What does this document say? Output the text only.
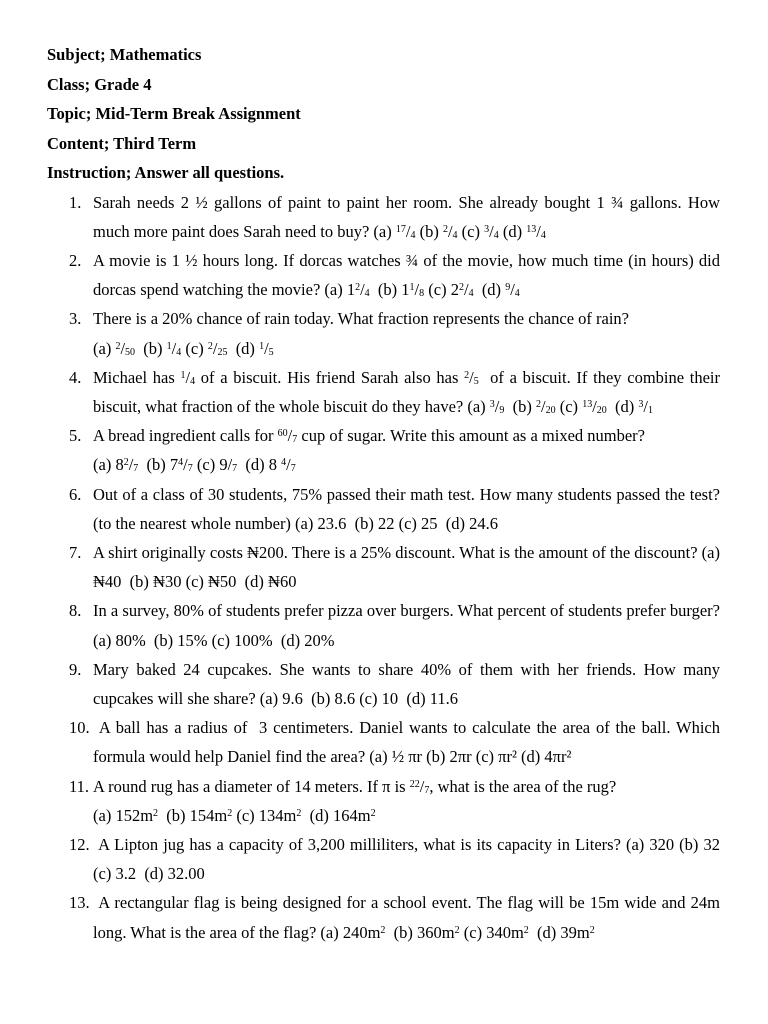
Subject; Mathematics
Class; Grade 4
Topic; Mid-Term Break Assignment
Content; Third Term
Instruction; Answer all questions.
1. Sarah needs 2 ½ gallons of paint to paint her room. She already bought 1 ¾ gallons. How much more paint does Sarah need to buy? (a) $^{17}/_4$ (b) $^2/_4$ (c) $^3/_4$ (d) $^{13}/_4$
2. A movie is 1 ½ hours long. If dorcas watches ¾ of the movie, how much time (in hours) did dorcas spend watching the movie? (a) $1^2/_4$  (b) $1^1/_8$ (c) $2^2/_4$  (d) $^9/_4$
3. There is a 20% chance of rain today. What fraction represents the chance of rain?
(a) $^2/_{50}$  (b) $^1/_4$ (c) $^2/_{25}$  (d) $^1/_5$
4. Michael has $^1/_4$ of a biscuit. His friend Sarah also has $^2/_5$  of a biscuit. If they combine their biscuit, what fraction of the whole biscuit do they have? (a) $^3/_9$  (b) $^2/_{20}$ (c) $^{13}/_{20}$  (d) $^3/_1$
5. A bread ingredient calls for $^{60}/_7$ cup of sugar. Write this amount as a mixed number?
(a) $8^2/_7$  (b) $7^4/_7$ (c) $9/_7$  (d) 8 $^4/_7$
6. Out of a class of 30 students, 75% passed their math test. How many students passed the test? (to the nearest whole number) (a) 23.6  (b) 22 (c) 25  (d) 24.6
7. A shirt originally costs ₦200. There is a 25% discount. What is the amount of the discount? (a) ₦40  (b) ₦30 (c) ₦50  (d) ₦60
8. In a survey, 80% of students prefer pizza over burgers. What percent of students prefer burger? (a) 80%  (b) 15% (c) 100%  (d) 20%
9. Mary baked 24 cupcakes. She wants to share 40% of them with her friends. How many cupcakes will she share? (a) 9.6  (b) 8.6 (c) 10  (d) 11.6
10. A ball has a radius of  3 centimeters. Daniel wants to calculate the area of the ball. Which formula would help Daniel find the area? (a) ½ πr (b) 2πr (c) πr² (d) 4πr²
11. A round rug has a diameter of 14 meters. If π is $^{22}/_7$, what is the area of the rug?
(a) $152m^2$  (b) $154m^2$ (c) $134m^2$  (d) $164m^2$
12. A Lipton jug has a capacity of 3,200 milliliters, what is its capacity in Liters? (a) 320 (b) 32 (c) 3.2  (d) 32.00
13. A rectangular flag is being designed for a school event. The flag will be 15m wide and 24m long. What is the area of the flag? (a) $240m^2$  (b) $360m^2$ (c) $340m^2$  (d) $39m^2$
